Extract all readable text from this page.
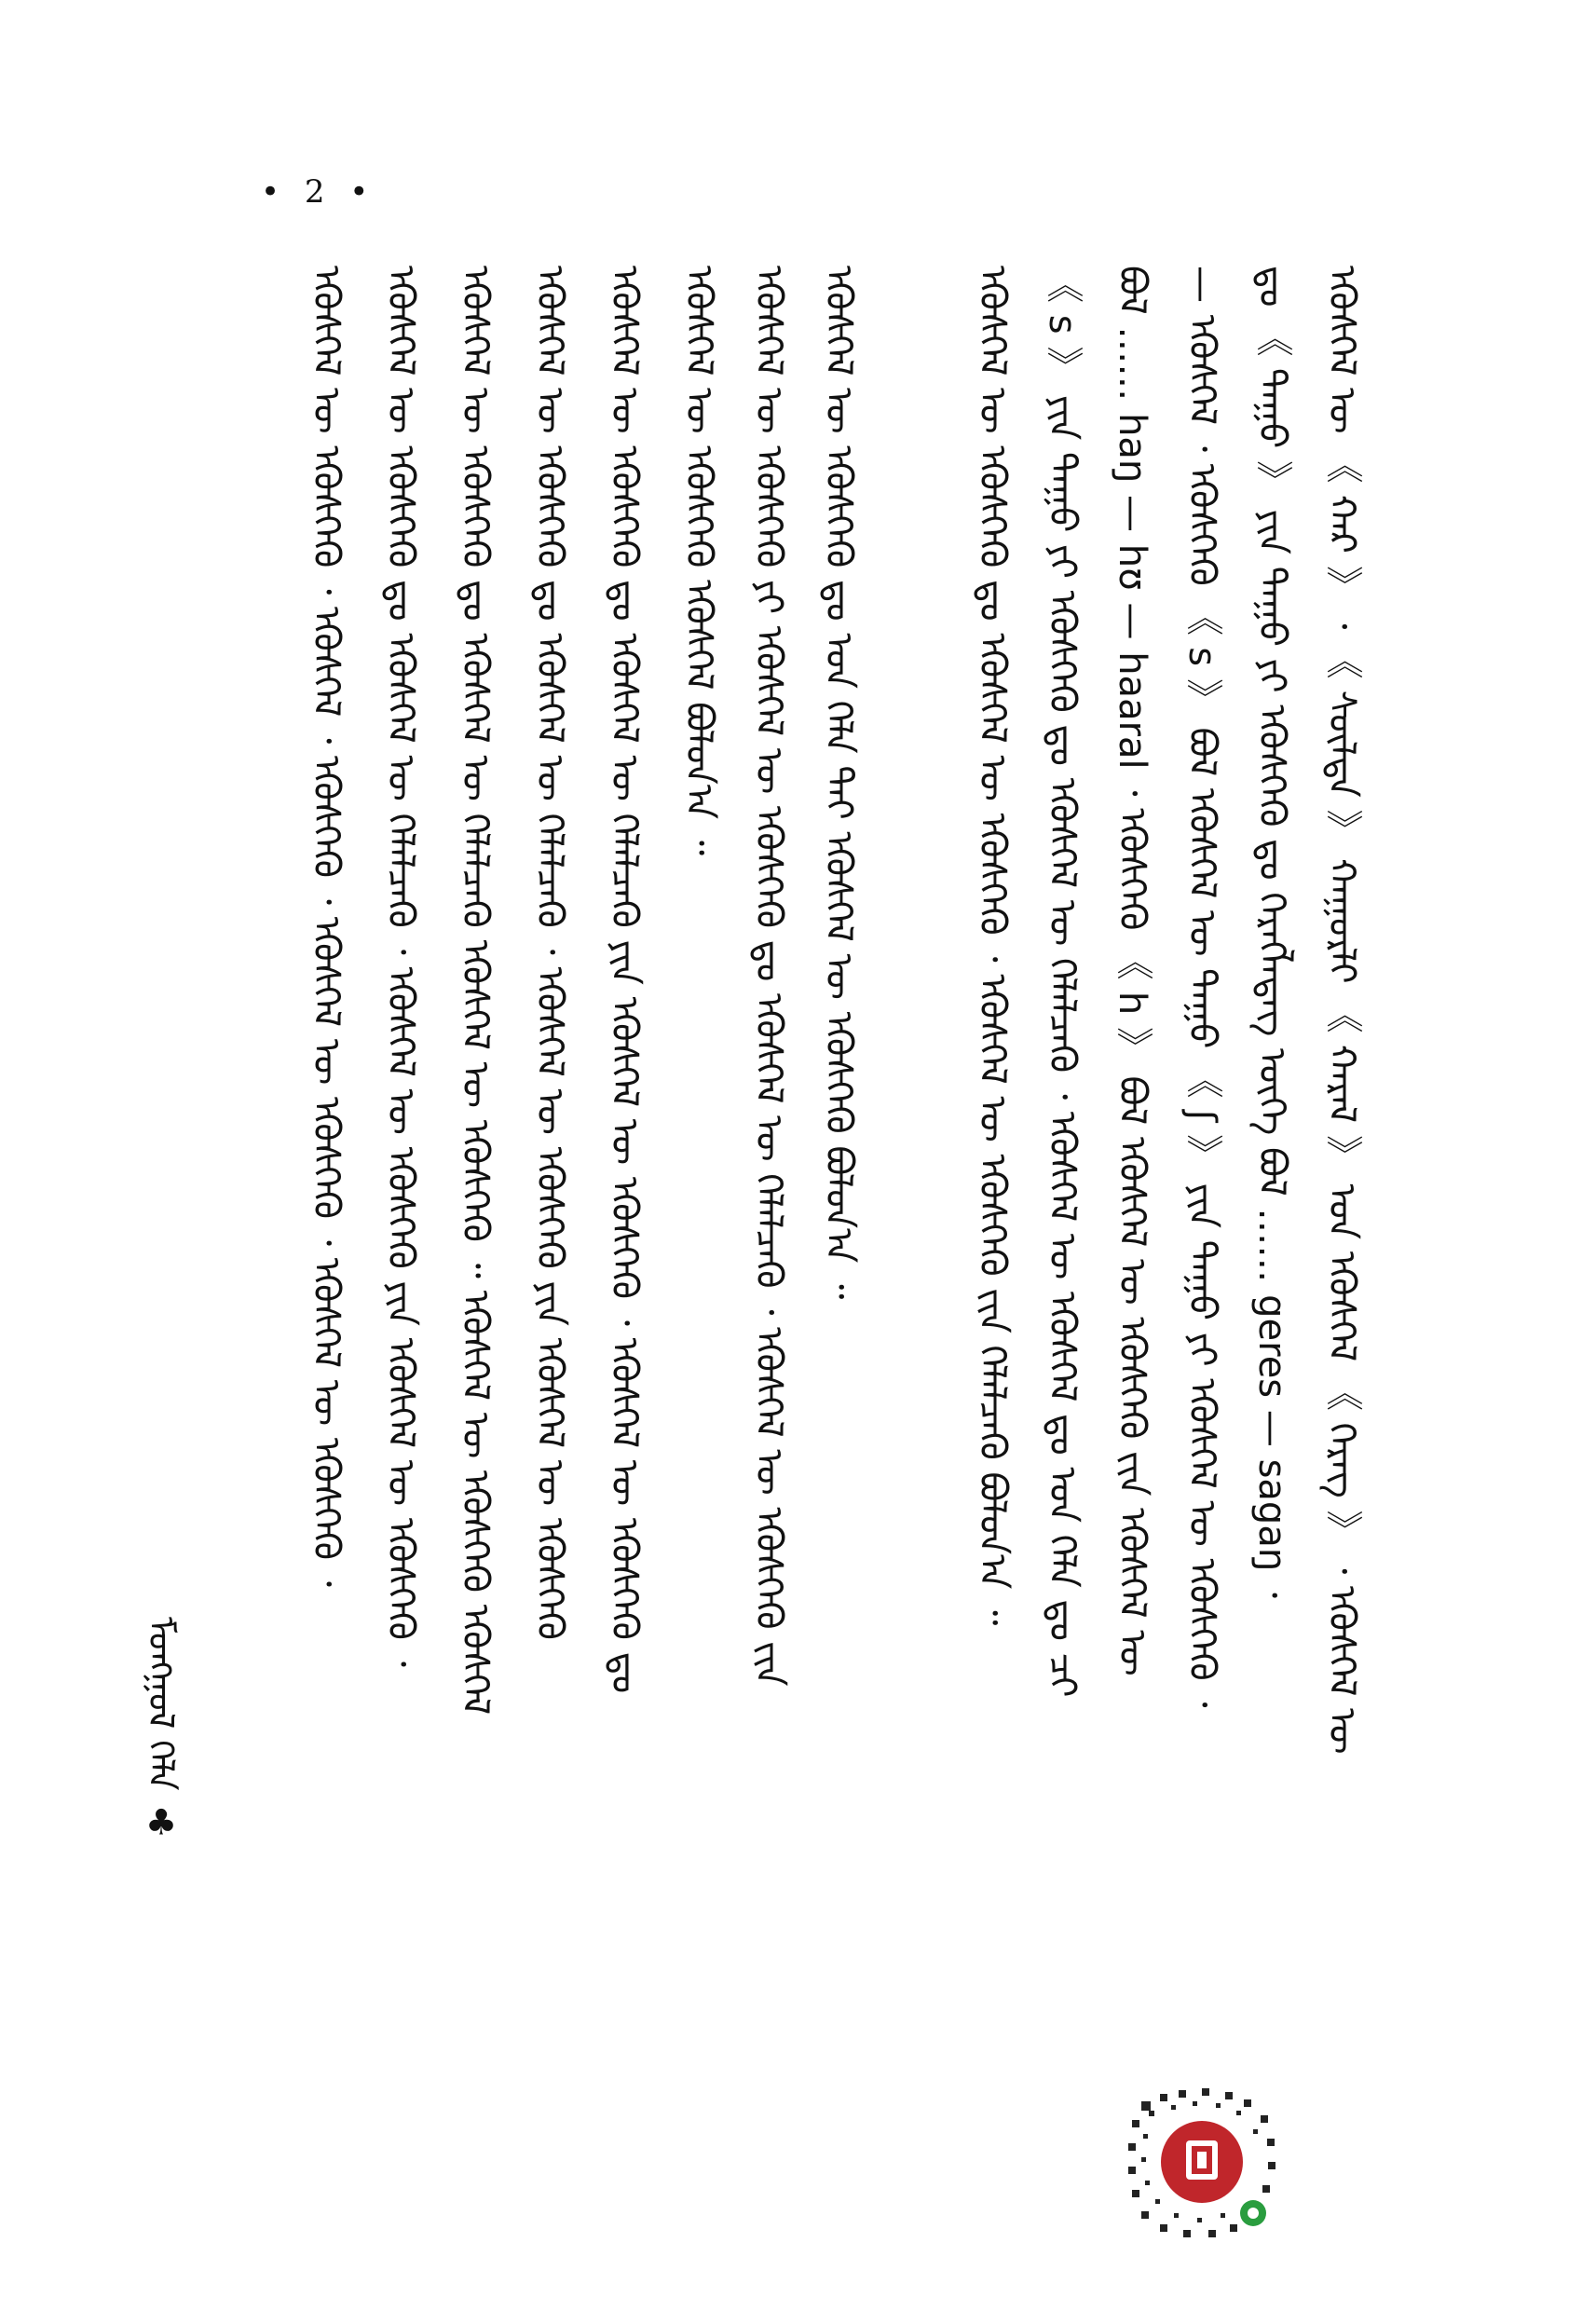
• 2 •
ᠡᠭᠦᠰᠬᠡᠯ ᠦ 《 ᠬᠠᠷ 》 ᠂ 《 ᠰᠦᠯᠳᠡ 》 ᠬᠠᠭᠤᠷᠯᠢ 《 ᠬᠠᠷᠠᠯ 》 ᠤᠨ ᠡᠭᠦᠰᠬᠡᠯ 《 ᠭᠡᠷᠡᠭ 》 ᠂ ᠡᠭᠦᠰᠬᠡᠯ ᠦ
ᠳᠤ 《 ᠳᠠᠭᠤ 》 ᠶᠢᠨ ᠳᠠᠭᠤ ᠶᠢ ᠡᠭᠦᠰᠬᠡᠬᠦ ᠳᠤ ᠬᠡᠷᠡᠭᠯᠡᠳᠡᠭ ᠦᠭᠡ ᠪᠣᠯ …… geres — sagaŋ ᠂
— ᠡᠭᠦᠰᠬᠡᠯ ᠂ ᠡᠭᠦᠰᠬᠡᠬᠦ 《 s 》 ᠪᠣᠯ ᠡᠭᠦᠰᠬᠡᠯ ᠦ ᠳᠠᠭᠤ 《 ʃ 》 ᠶᠢᠨ ᠳᠠᠭᠤ ᠶᠢ ᠡᠭᠦᠰᠬᠡᠯ ᠦ ᠡᠭᠦᠰᠬᠡᠬᠦ ᠂
ᠪᠣᠯ …… haŋ — hʊ — haaral ᠂ ᠡᠭᠦᠰᠬᠡᠬᠦ 《 h 》 ᠪᠣᠯ ᠡᠭᠦᠰᠬᠡᠯ ᠦ ᠡᠭᠦᠰᠬᠡᠬᠦ ᠵᠢᠨ ᠡᠭᠦᠰᠬᠡᠯ ᠦ
《 s 》 ᠶᠢᠨ ᠳᠠᠭᠤ ᠶᠢ ᠡᠭᠦᠰᠬᠡᠬᠦ ᠳᠤ ᠡᠭᠦᠰᠬᠡᠯ ᠦ ᠬᠡᠯᠡᠯᠴᠡᠬᠦ ᠂ ᠡᠭᠦᠰᠬᠡᠯ ᠦ ᠡᠭᠦᠰᠬᠡᠯ ᠳᠤ ᠤᠨ ᠬᠡᠯᠡ ᠳᠤ ᠴᠢ
ᠡᠭᠦᠰᠬᠡᠯ ᠦ ᠡᠭᠦᠰᠬᠡᠬᠦ ᠳᠤ ᠡᠭᠦᠰᠬᠡᠯ ᠦ ᠡᠭᠦᠰᠬᠡᠬᠦ ᠂ ᠡᠭᠦᠰᠬᠡᠯ ᠦ ᠡᠭᠦᠰᠬᠡᠬᠦ ᠵᠢᠨ ᠬᠡᠯᠡᠯᠴᠡᠬᠦ ᠪᠣᠯᠤᠨ᠎ᠠ ᠃
ᠡᠭᠦᠰᠬᠡᠯ ᠦ ᠡᠭᠦᠰᠬᠡᠬᠦ ᠳᠤ ᠤᠨ ᠬᠡᠯᠡ ᠲᠠᠢ ᠡᠭᠦᠰᠬᠡᠯ ᠦ ᠡᠭᠦᠰᠬᠡᠬᠦ ᠪᠣᠯᠤᠨ᠎ᠠ ᠃
ᠡᠭᠦᠰᠬᠡᠯ ᠦ ᠡᠭᠦᠰᠬᠡᠬᠦ ᠶᠢ ᠡᠭᠦᠰᠬᠡᠯ ᠦ ᠡᠭᠦᠰᠬᠡᠬᠦ ᠳᠤ ᠡᠭᠦᠰᠬᠡᠯ ᠦ ᠬᠡᠯᠡᠯᠴᠡᠬᠦ ᠂ ᠡᠭᠦᠰᠬᠡᠯ ᠦ ᠡᠭᠦᠰᠬᠡᠬᠦ ᠵᠢᠨ
ᠡᠭᠦᠰᠬᠡᠯ ᠦ ᠡᠭᠦᠰᠬᠡᠬᠦ ᠡᠭᠦᠰᠬᠡᠯ ᠪᠣᠯᠤᠨ᠎ᠠ ᠃
ᠡᠭᠦᠰᠬᠡᠯ ᠦ ᠡᠭᠦᠰᠬᠡᠬᠦ ᠳᠤ ᠡᠭᠦᠰᠬᠡᠯ ᠦ ᠬᠡᠯᠡᠯᠴᠡᠬᠦ ᠶᠢᠨ ᠡᠭᠦᠰᠬᠡᠯ ᠦ ᠡᠭᠦᠰᠬᠡᠬᠦ ᠂ ᠡᠭᠦᠰᠬᠡᠯ ᠦ ᠡᠭᠦᠰᠬᠡᠬᠦ ᠳᠤ
ᠡᠭᠦᠰᠬᠡᠯ ᠦ ᠡᠭᠦᠰᠬᠡᠬᠦ ᠳᠤ ᠡᠭᠦᠰᠬᠡᠯ ᠦ ᠬᠡᠯᠡᠯᠴᠡᠬᠦ ᠂ ᠡᠭᠦᠰᠬᠡᠯ ᠦ ᠡᠭᠦᠰᠬᠡᠬᠦ ᠶᠢᠨ ᠡᠭᠦᠰᠬᠡᠯ ᠦ ᠡᠭᠦᠰᠬᠡᠬᠦ
ᠡᠭᠦᠰᠬᠡᠯ ᠦ ᠡᠭᠦᠰᠬᠡᠬᠦ ᠳᠤ ᠡᠭᠦᠰᠬᠡᠯ ᠦ ᠬᠡᠯᠡᠯᠴᠡᠬᠦ ᠡᠭᠦᠰᠬᠡᠯ ᠦ ᠡᠭᠦᠰᠬᠡᠬᠦ ᠃ ᠡᠭᠦᠰᠬᠡᠯ ᠦ ᠡᠭᠦᠰᠬᠡᠬᠦ ᠡᠭᠦᠰᠬᠡᠯ
ᠡᠭᠦᠰᠬᠡᠯ ᠦ ᠡᠭᠦᠰᠬᠡᠬᠦ ᠳᠤ ᠡᠭᠦᠰᠬᠡᠯ ᠦ ᠬᠡᠯᠡᠯᠴᠡᠬᠦ ᠂ ᠡᠭᠦᠰᠬᠡᠯ ᠦ ᠡᠭᠦᠰᠬᠡᠬᠦ ᠶᠢᠨ ᠡᠭᠦᠰᠬᠡᠯ ᠦ ᠡᠭᠦᠰᠬᠡᠬᠦ ᠂
ᠡᠭᠦᠰᠬᠡᠯ ᠦ ᠡᠭᠦᠰᠬᠡᠬᠦ ᠂ ᠡᠭᠦᠰᠬᠡᠯ ᠂ ᠡᠭᠦᠰᠬᠡᠬᠦ ᠂ ᠡᠭᠦᠰᠬᠡᠯ ᠦ ᠡᠭᠦᠰᠬᠡᠬᠦ ᠂ ᠡᠭᠦᠰᠬᠡᠯ ᠦ ᠡᠭᠦᠰᠬᠡᠬᠦ ᠂
ᠮᠣᠩᠭᠣᠯ ᠬᠡᠯᠡ ♣
